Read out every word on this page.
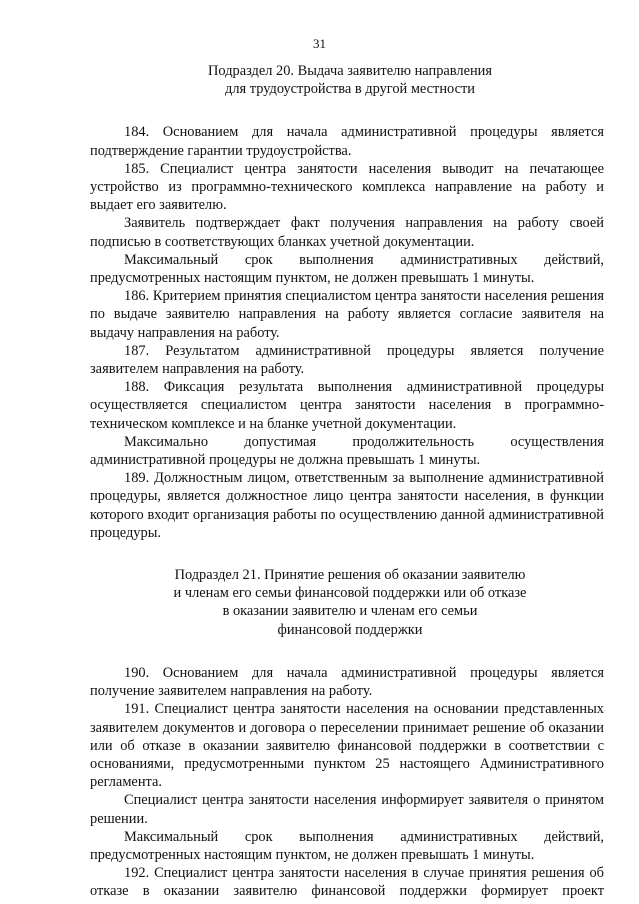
31
Подраздел 20. Выдача заявителю направления
для трудоустройства в другой местности

184. Основанием для начала административной процедуры является подтверждение гарантии трудоустройства.

185. Специалист центра занятости населения выводит на печатающее устройство из программно-технического комплекса направление на работу и выдает его заявителю.

Заявитель подтверждает факт получения направления на работу своей подписью в соответствующих бланках учетной документации.

Максимальный срок выполнения административных действий, предусмотренных настоящим пунктом, не должен превышать 1 минуты.

186. Критерием принятия специалистом центра занятости населения решения по выдаче заявителю направления на работу является согласие заявителя на выдачу направления на работу.

187. Результатом административной процедуры является получение заявителем направления на работу.

188. Фиксация результата выполнения административной процедуры осуществляется специалистом центра занятости населения в программно-техническом комплексе и на бланке учетной документации.

Максимально допустимая продолжительность осуществления административной процедуры не должна превышать 1 минуты.

189. Должностным лицом, ответственным за выполнение административной процедуры, является должностное лицо центра занятости населения, в функции которого входит организация работы по осуществлению данной административной процедуры.

Подраздел 21. Принятие решения об оказании заявителю
и членам его семьи финансовой поддержки или об отказе
в оказании заявителю и членам его семьи
финансовой поддержки

190. Основанием для начала административной процедуры является получение заявителем направления на работу.

191. Специалист центра занятости населения на основании представленных заявителем документов и договора о переселении принимает решение об оказании или об отказе в оказании заявителю финансовой поддержки в соответствии с основаниями, предусмотренными пунктом 25 настоящего Административного регламента.

Специалист центра занятости населения информирует заявителя о принятом решении.

Максимальный срок выполнения административных действий, предусмотренных настоящим пунктом, не должен превышать 1 минуты.

192. Специалист центра занятости населения в случае принятия решения об отказе в оказании заявителю финансовой поддержки формирует проект
